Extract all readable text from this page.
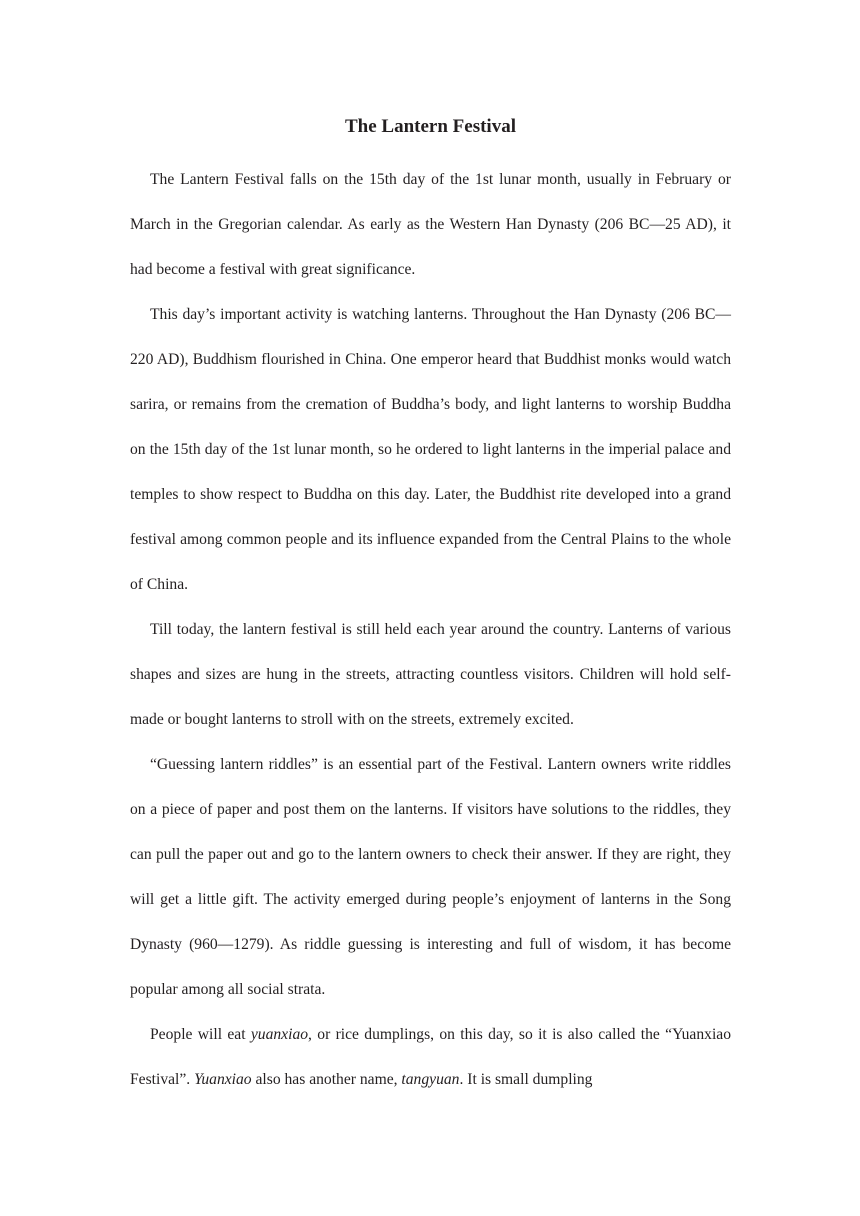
The Lantern Festival

The Lantern Festival falls on the 15th day of the 1st lunar month, usually in February or March in the Gregorian calendar. As early as the Western Han Dynasty (206 BC—25 AD), it had become a festival with great significance.

This day’s important activity is watching lanterns. Throughout the Han Dynasty (206 BC—220 AD), Buddhism flourished in China. One emperor heard that Buddhist monks would watch sarira, or remains from the cremation of Buddha’s body, and light lanterns to worship Buddha on the 15th day of the 1st lunar month, so he ordered to light lanterns in the imperial palace and temples to show respect to Buddha on this day. Later, the Buddhist rite developed into a grand festival among common people and its influence expanded from the Central Plains to the whole of China.

Till today, the lantern festival is still held each year around the country. Lanterns of various shapes and sizes are hung in the streets, attracting countless visitors. Children will hold self-made or bought lanterns to stroll with on the streets, extremely excited.

“Guessing lantern riddles” is an essential part of the Festival. Lantern owners write riddles on a piece of paper and post them on the lanterns. If visitors have solutions to the riddles, they can pull the paper out and go to the lantern owners to check their answer. If they are right, they will get a little gift. The activity emerged during people’s enjoyment of lanterns in the Song Dynasty (960—1279). As riddle guessing is interesting and full of wisdom, it has become popular among all social strata.

People will eat yuanxiao, or rice dumplings, on this day, so it is also called the “Yuanxiao Festival”. Yuanxiao also has another name, tangyuan. It is small dumpling
